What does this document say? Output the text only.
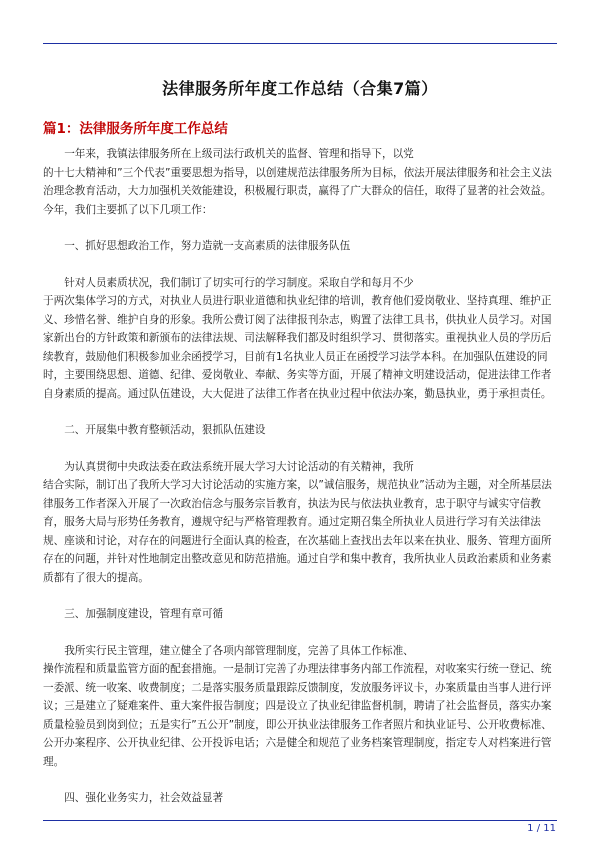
法律服务所年度工作总结（合集7篇）
篇1：法律服务所年度工作总结

一年来，我镇法律服务所在上级司法行政机关的监督、管理和指导下，以党

的十七大精神和”三个代表”重要思想为指导，以创建规范法律服务所为目标，依法开展法律服务和社会主义法治理念教育活动，大力加强机关效能建设，积极履行职责，赢得了广大群众的信任，取得了显著的社会效益。今年，我们主要抓了以下几项工作：

一、抓好思想政治工作，努力造就一支高素质的法律服务队伍

针对人员素质状况，我们制订了切实可行的学习制度。采取自学和每月不少

于两次集体学习的方式，对执业人员进行职业道德和执业纪律的培训，教育他们爱岗敬业、坚持真理、维护正义、珍惜名誉、维护自身的形象。我所公费订阅了法律报刊杂志，购置了法律工具书，供执业人员学习。对国家新出台的方针政策和新颁布的法律法规、司法解释我们都及时组织学习、贯彻落实。重视执业人员的学历后续教育，鼓励他们积极参加业余函授学习，目前有1名执业人员正在函授学习法学本科。在加强队伍建设的同时，主要围绕思想、道德、纪律、爱岗敬业、奉献、务实等方面，开展了精神文明建设活动，促进法律工作者自身素质的提高。通过队伍建设，大大促进了法律工作者在执业过程中依法办案，勤恳执业，勇于承担责任。

二、开展集中教育整顿活动，狠抓队伍建设

为认真贯彻中央政法委在政法系统开展大学习大讨论活动的有关精神，我所

结合实际，制订出了我所大学习大讨论活动的实施方案，以”诚信服务，规范执业”活动为主题，对全所基层法律服务工作者深入开展了一次政治信念与服务宗旨教育，执法为民与依法执业教育，忠于职守与诚实守信教育，服务大局与形势任务教育，遵规守纪与严格管理教育。通过定期召集全所执业人员进行学习有关法律法规、座谈和讨论，对存在的问题进行全面认真的检查，在次基础上查找出去年以来在执业、服务、管理方面所存在的问题，并针对性地制定出整改意见和防范措施。通过自学和集中教育，我所执业人员政治素质和业务素质都有了很大的提高。

三、加强制度建设，管理有章可循

我所实行民主管理，建立健全了各项内部管理制度，完善了具体工作标准、

操作流程和质量监管方面的配套措施。一是制订完善了办理法律事务内部工作流程，对收案实行统一登记、统一委派、统一收案、收费制度；二是落实服务质量跟踪反馈制度，发放服务评议卡，办案质量由当事人进行评议；三是建立了疑难案件、重大案件报告制度；四是设立了执业纪律监督机制，聘请了社会监督员，落实办案质量检验员到岗到位；五是实行”五公开”制度，即公开执业法律服务工作者照片和执业证号、公开收费标准、公开办案程序、公开执业纪律、公开投诉电话；六是健全和规范了业务档案管理制度，指定专人对档案进行管理。

四、强化业务实力，社会效益显著

1 / 11
